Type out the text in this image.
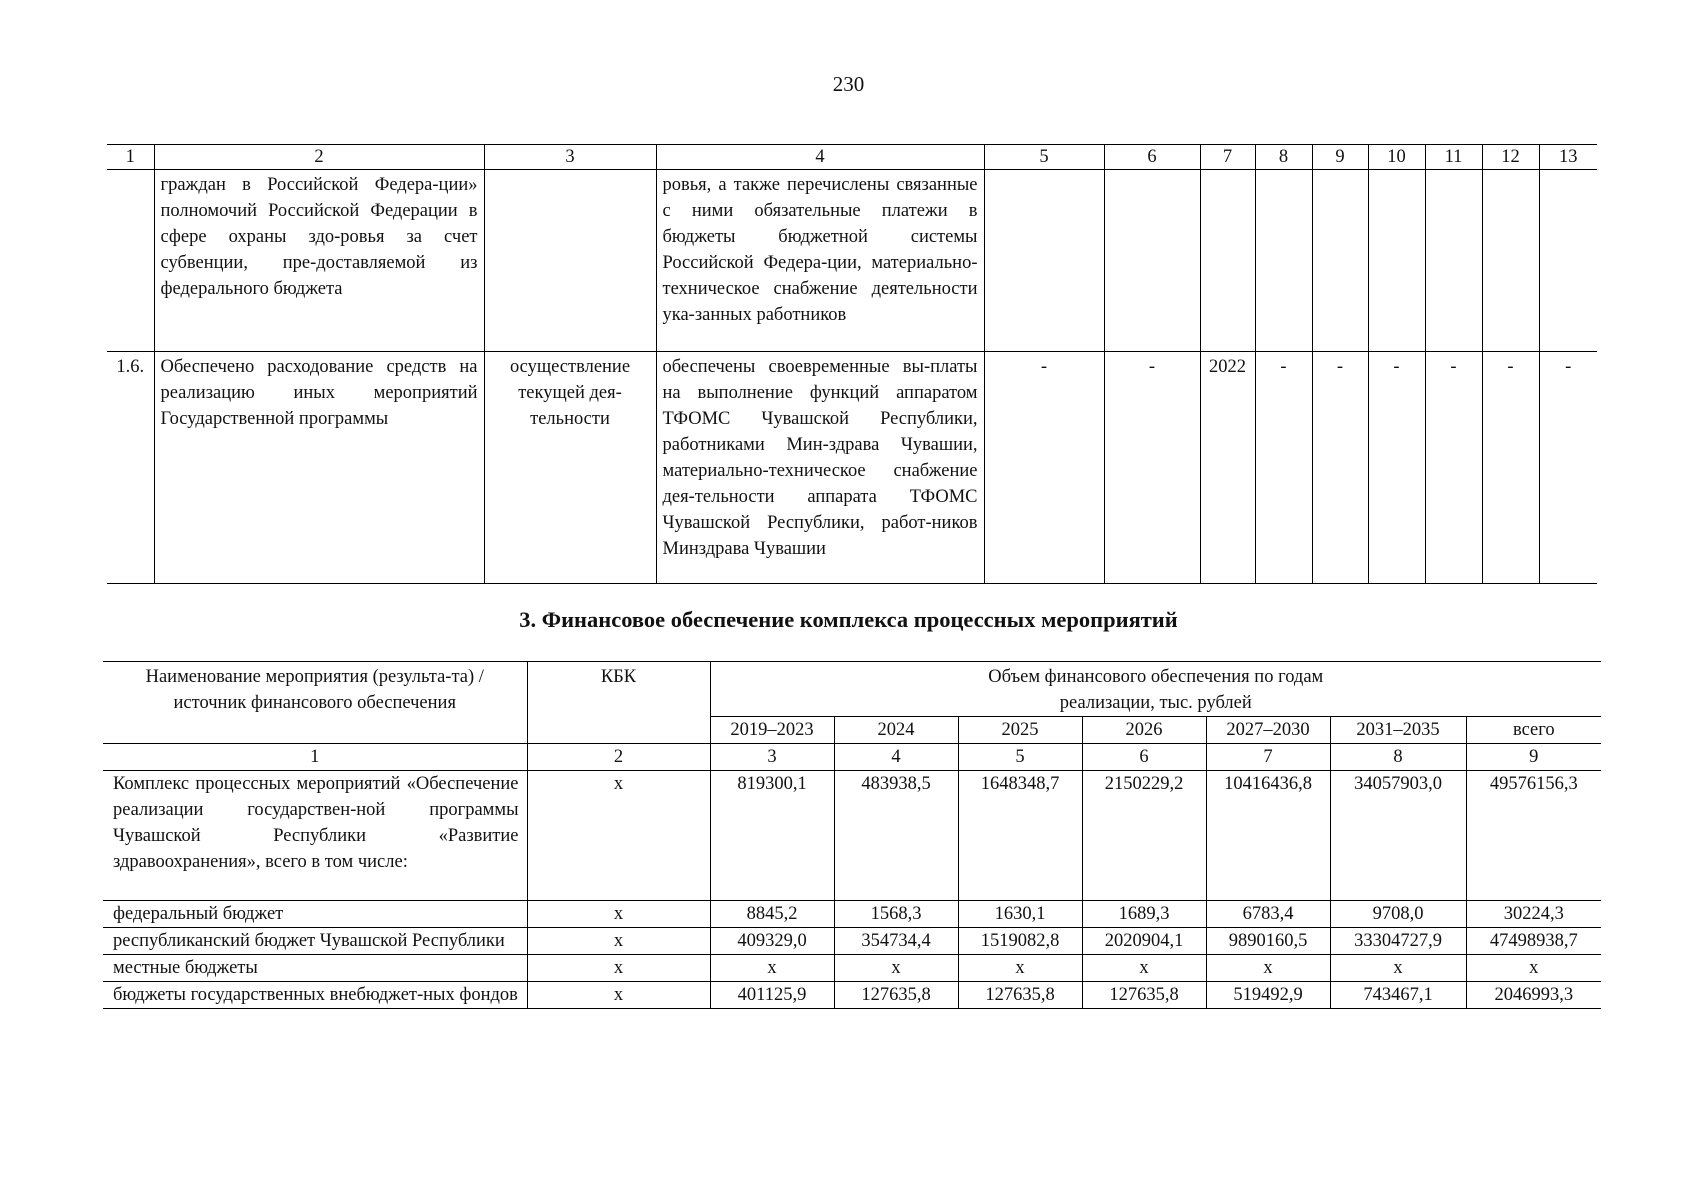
230
1	2	3	4	5	6	7	8	9	10	11	12	13
	граждан в Российской Федера-ции» полномочий Российской Федерации в сфере охраны здо-ровья за счет субвенции, пре-доставляемой из федерального бюджета		ровья, а также перечислены связанные с ними обязательные платежи в бюджеты бюджетной системы Российской Федера-ции, материально-техническое снабжение деятельности ука-занных работников									
1.6.	Обеспечено расходование средств на реализацию иных мероприятий Государственной программы	осуществление текущей дея-тельности	обеспечены своевременные вы-платы на выполнение функций аппаратом ТФОМС Чувашской Республики, работниками Мин-здрава Чувашии, материально-техническое снабжение дея-тельности аппарата ТФОМС Чувашской Республики, работ-ников Минздрава Чувашии	-	-	2022	-	-	-	-	-	-
3. Финансовое обеспечение комплекса процессных мероприятий
Наименование мероприятия (результа-та) / источник финансового обеспечения	КБК	Объем финансового обеспечения по годам реализации, тыс. рублей						
		2019–2023	2024	2025	2026	2027–2030	2031–2035	всего
1	2	3	4	5	6	7	8	9
Комплекс процессных мероприятий «Обеспечение реализации государствен-ной программы Чувашской Республики «Развитие здравоохранения», всего в том числе:	х	819300,1	483938,5	1648348,7	2150229,2	10416436,8	34057903,0	49576156,3
федеральный бюджет	х	8845,2	1568,3	1630,1	1689,3	6783,4	9708,0	30224,3
республиканский бюджет Чувашской Республики	х	409329,0	354734,4	1519082,8	2020904,1	9890160,5	33304727,9	47498938,7
местные бюджеты	х	х	х	х	х	х	х	х
бюджеты государственных внебюджет-ных фондов	х	401125,9	127635,8	127635,8	127635,8	519492,9	743467,1	2046993,3
